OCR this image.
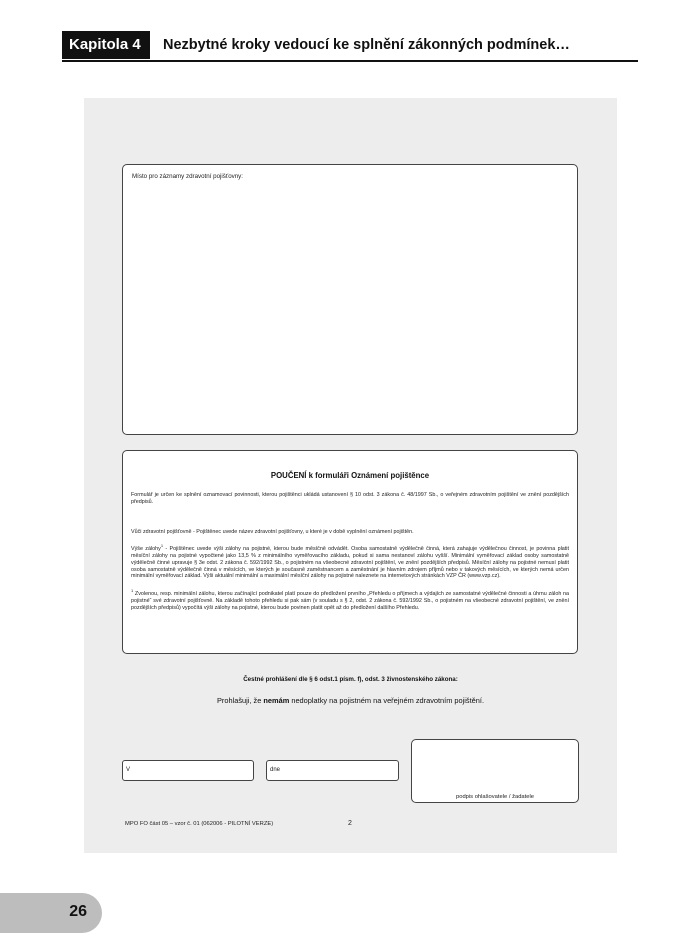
Kapitola 4	Nezbytné kroky vedoucí ke splnění zákonných podmínek…
Místo pro záznamy zdravotní pojišťovny:
POUČENÍ k formuláři Oznámení pojištěnce

Formulář je určen ke splnění oznamovací povinnosti, kterou pojištěnci ukládá ustanovení § 10 odst. 3 zákona č. 48/1997 Sb., o veřejném zdravotním pojištění ve znění pozdějších předpisů.

Vůči zdravotní pojišťovně - Pojištěnec uvede název zdravotní pojišťovny, u které je v době vyplnění oznámení pojištěn.

Výše zálohy$^1$ - Pojištěnec uvede výši zálohy na pojistné, kterou bude měsíčně odvádět. Osoba samostatně výdělečně činná, která zahajuje výdělečnou činnost, je povinna platit měsíční zálohy na pojistné vypočtené jako 13,5 % z minimálního vyměřovacího základu, pokud si sama nestanoví zálohu vyšší. Minimální vyměřovací základ osoby samostatně výdělečně činné upravuje § 3e odst. 2 zákona č. 592/1992 Sb., o pojistném na všeobecné zdravotní pojištění, ve znění pozdějších předpisů. Měsíční zálohy na pojistné nemusí platit osoba samostatně výdělečně činná v měsících, ve kterých je současně zaměstnancem a zaměstnání je hlavním zdrojem příjmů nebo v takových měsících, ve kterých nemá určen minimální vyměřovací základ. Výši aktuální minimální a maximální měsíční zálohy na pojistné naleznete na internetových stránkách VZP ČR (www.vzp.cz).

$^1$ Zvolenou, resp. minimální zálohu, kterou začínající podnikatel platí pouze do předložení prvního „Přehledu o příjmech a výdajích ze samostatné výdělečné činnosti a úhrnu záloh na pojistné“ své zdravotní pojišťovně. Na základě tohoto přehledu si pak sám (v souladu s § 2, odst. 2 zákona č. 592/1992 Sb., o pojistném na všeobecné zdravotní pojištění, ve znění pozdějších předpisů) vypočítá výši zálohy na pojistné, kterou bude povinen platit opět až do předložení dalšího Přehledu.

Čestné prohlášení dle § 6 odst.1 písm. f), odst. 3 živnostenského zákona:
Prohlašuji, že nemám nedoplatky na pojistném na veřejném zdravotním pojištění.
V	dne
podpis ohlašovatele / žadatele
MPO FO část 05 – vzor č. 01 (062006 - PILOTNÍ VERZE)	2
26
